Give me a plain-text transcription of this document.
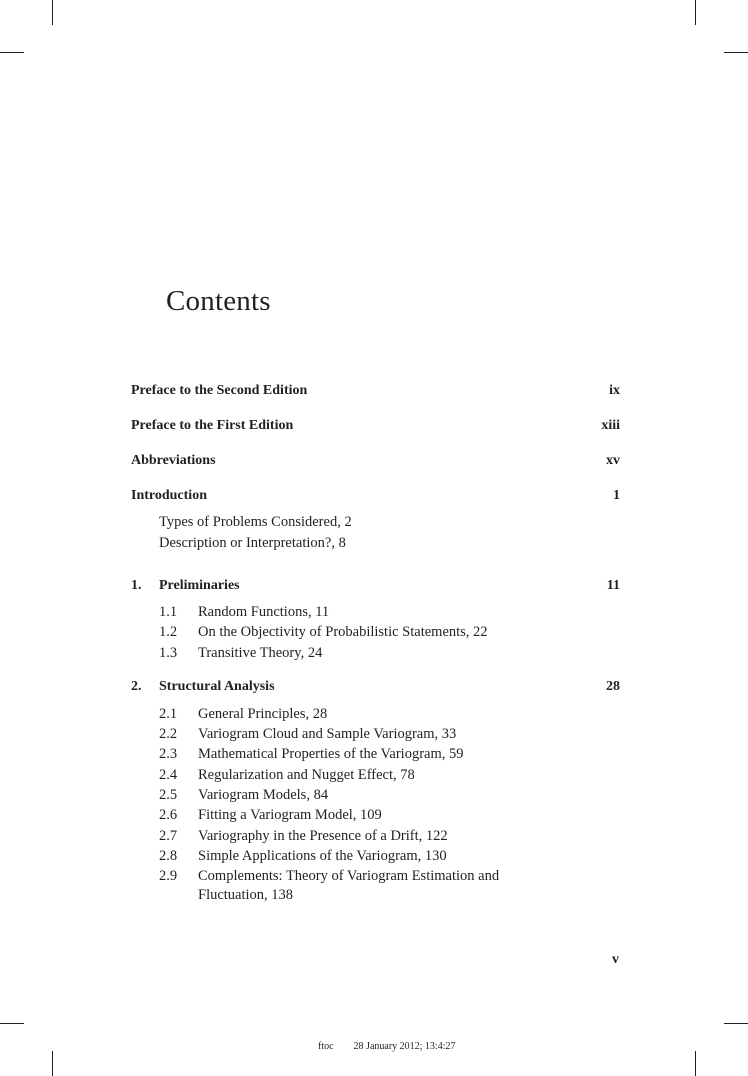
Contents
Preface to the Second Edition	ix
Preface to the First Edition	xiii
Abbreviations	xv
Introduction	1
Types of Problems Considered, 2
Description or Interpretation?, 8
1. Preliminaries	11
1.1 Random Functions, 11
1.2 On the Objectivity of Probabilistic Statements, 22
1.3 Transitive Theory, 24
2. Structural Analysis	28
2.1 General Principles, 28
2.2 Variogram Cloud and Sample Variogram, 33
2.3 Mathematical Properties of the Variogram, 59
2.4 Regularization and Nugget Effect, 78
2.5 Variogram Models, 84
2.6 Fitting a Variogram Model, 109
2.7 Variography in the Presence of a Drift, 122
2.8 Simple Applications of the Variogram, 130
2.9 Complements: Theory of Variogram Estimation and
Fluctuation, 138
v
ftoc 28 January 2012; 13:4:27
